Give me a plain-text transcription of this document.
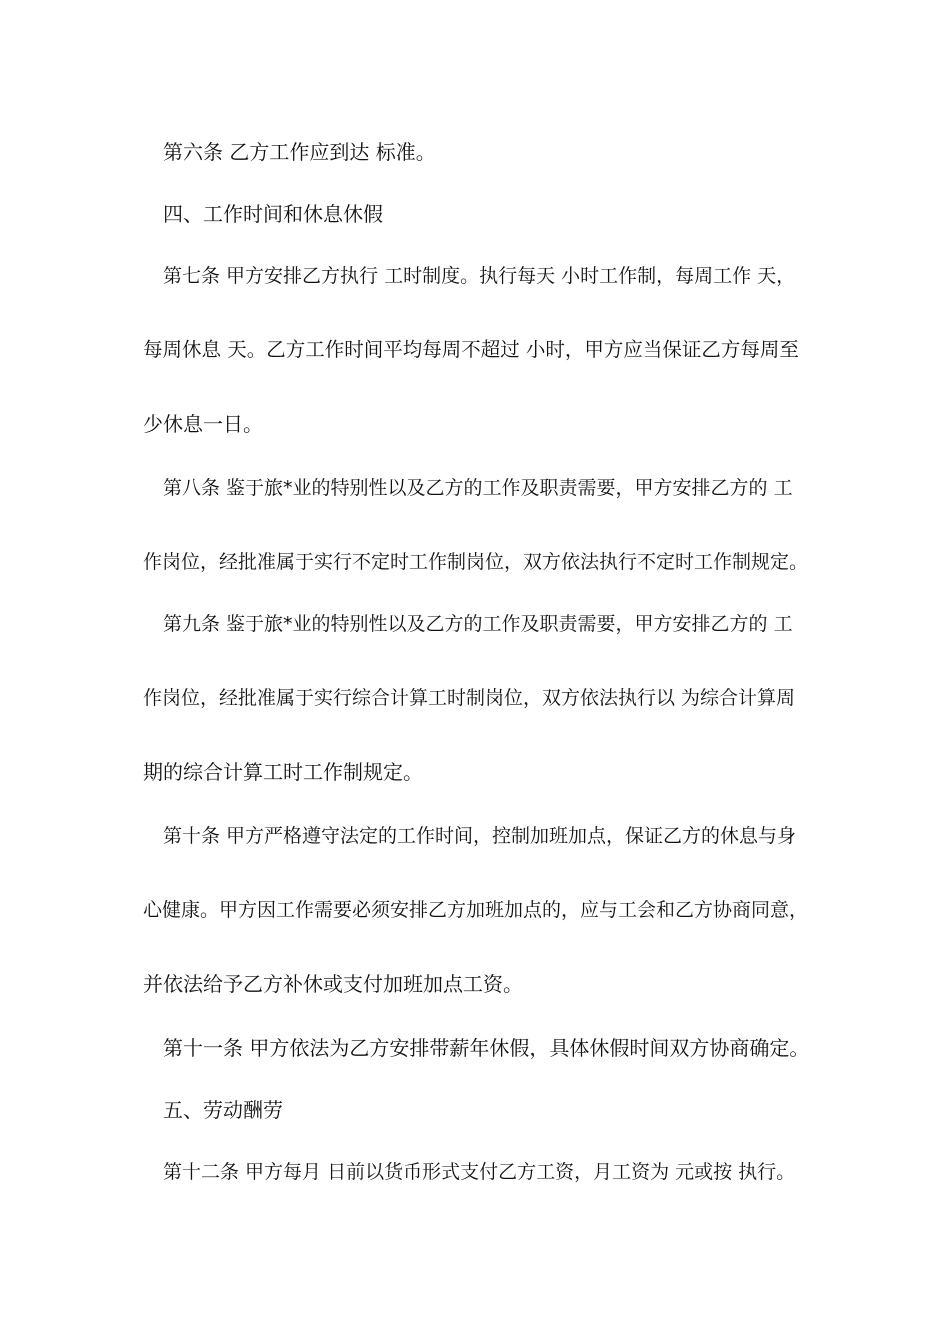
第六条 乙方工作应到达 标准。
四、工作时间和休息休假
第七条 甲方安排乙方执行 工时制度。执行每天 小时工作制，每周工作 天，
每周休息 天。乙方工作时间平均每周不超过 小时，甲方应当保证乙方每周至
少休息一日。
第八条 鉴于旅*业的特别性以及乙方的工作及职责需要，甲方安排乙方的 工
作岗位，经批准属于实行不定时工作制岗位，双方依法执行不定时工作制规定。
第九条 鉴于旅*业的特别性以及乙方的工作及职责需要，甲方安排乙方的 工
作岗位，经批准属于实行综合计算工时制岗位，双方依法执行以 为综合计算周
期的综合计算工时工作制规定。
第十条 甲方严格遵守法定的工作时间，控制加班加点，保证乙方的休息与身
心健康。甲方因工作需要必须安排乙方加班加点的，应与工会和乙方协商同意，
并依法给予乙方补休或支付加班加点工资。
第十一条 甲方依法为乙方安排带薪年休假，具体休假时间双方协商确定。
五、劳动酬劳
第十二条 甲方每月 日前以货币形式支付乙方工资，月工资为 元或按 执行。
